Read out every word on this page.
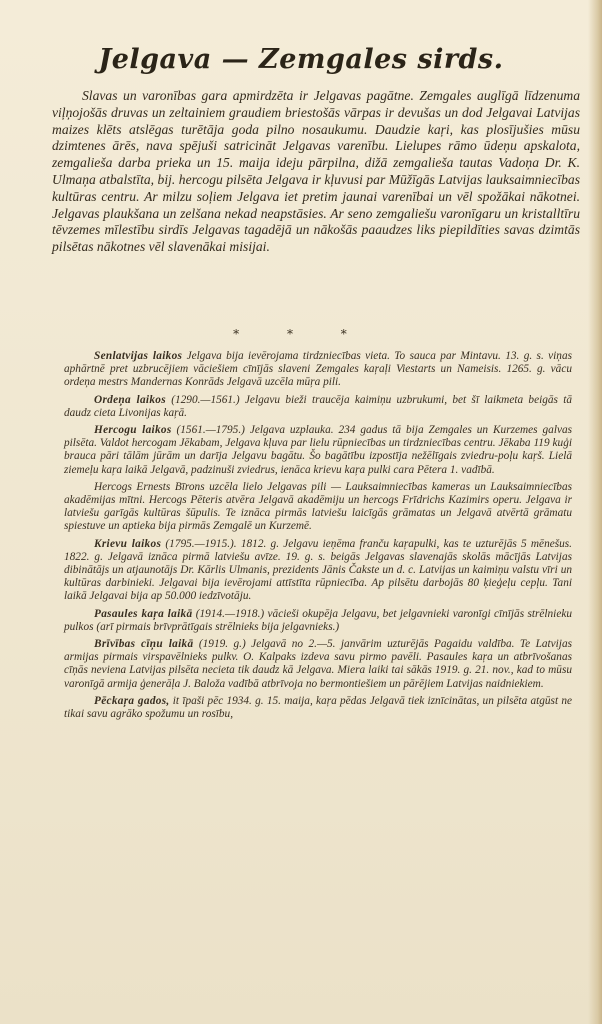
Jelgava — Zemgales sirds.

Slavas un varonības gara apmirdzēta ir Jelgavas pagātne. Zemgales auglīgā līdzenuma viļņojošās druvas un zeltainiem graudiem briestošās vārpas ir devušas un dod Jelgavai Latvijas maizes klēts atslēgas turētāja goda pilno nosaukumu. Daudzie kaŗi, kas plosījušies mūsu dzimtenes ārēs, nava spējuši satricināt Jelgavas varenību. Lielupes rāmo ūdeņu apskalota, zemgalieša darba priekа un 15. maija ideju pārpilna, dižā zemgalieša tautas Vadoņa Dr. K. Ulmaņa atbalstīta, bij. hercogu pilsēta Jelgava ir kļuvusi par Mūžīgās Latvijas lauksaimniecības kultūras centru. Ar milzu soļiem Jelgava iet pretim jaunai varenībai un vēl spožākai nākotnei. Jelgavas plaukšana un zelšana nekad neapstāsies. Ar seno zemgaliešu varonīgaru un kristalltīru tēvzemes mīlestību sirdīs Jelgavas tagadējā un nākošās paaudzes liks piepildīties savas dzimtās pilsētas nākotnes vēl slavenākai misijai.

* * *

Senlatvijas laikos Jelgava bija ievērojama tirdzniecības vieta. To sauca par Mintavu. 13. g. s. viņas aphārtnē pret uzbrucējiem vāciešiem cīnījās slaveni Zemgales kaŗaļi Viestarts un Nameisis. 1265. g. vācu ordeņa mestrs Mandernas Konrāds Jelgavā uzcēla mūŗa pili.

Ordeņa laikos (1290.—1561.) Jelgavu bieži traucēja kaimiņu uzbrukumi, bet šī laikmeta beigās tā daudz cieta Livonijas kaŗā.

Hercogu laikos (1561.—1795.) Jelgava uzplauka. 234 gadus tā bija Zemgales un Kurzemes galvas pilsēta. Valdot hercogam Jēkabam, Jelgava kļuva par lielu rūpniecības un tirdzniecības centru. Jēkaba 119 kuģi brauca pāri tālām jūrām un darīja Jelgavu bagātu. Šo bagātību izpostīja nežēlīgais zviedru-poļu kaŗš. Lielā ziemeļu kaŗa laikā Jelgavā, padzinuši zviedrus, ienāca krievu kaŗa pulki cara Pētera 1. vadībā.

Hercogs Ernests Bīrons uzcēla lielo Jelgavas pili — Lauksaimniecības kameras un Lauksaimniecības akadēmijas mītni. Hercogs Pēteris atvēra Jelgavā akadēmiju un hercogs Frīdrichs Kazimirs operu. Jelgava ir latviešu garīgās kultūras šūpulis. Te iznāca pirmās latviešu laicīgās grāmatas un Jelgavā atvērtā grāmatu spiestuve un aptieka bija pirmās Zemgalē un Kurzemē.

Krievu laikos (1795.—1915.). 1812. g. Jelgavu ieņēma franču kaŗapulki, kas te uzturējās 5 mēnešus. 1822. g. Jelgavā iznāca pirmā latviešu avīze. 19. g. s. beigās Jelgavas slavenajās skolās mācījās Latvijas dibinātājs un atjaunotājs Dr. Kārlis Ulmanis, prezidents Jānis Čakste un d. c. Latvijas un kaimiņu valstu vīri un kultūras darbinieki. Jelgavai bija ievērojami attīstīta rūpniecība. Ap pilsētu darbojās 80 ķieģeļu cepļu. Tani laikā Jelgavai bija ap 50.000 iedzīvotāju.

Pasaules kaŗa laikā (1914.—1918.) vācieši okupēja Jelgavu, bet jelgavnieki varonīgi cīnījās strēlnieku pulkos (arī pirmais brīvprātīgais strēlnieks bija jelgavnieks.)

Brīvības cīņu laikā (1919. g.) Jelgavā no 2.—5. janvārim uzturējās Pagaidu valdība. Te Latvijas armijas pirmais virspavēlnieks pulkv. O. Kalpaks izdeva savu pirmo pavēli. Pasaules kaŗa un atbrīvošanas cīņās neviena Latvijas pilsēta necieta tik daudz kā Jelgava. Miera laiki tai sākās 1919. g. 21. nov., kad to mūsu varonīgā armija ģenerāļa J. Baloža vadībā atbrīvoja no bermontiešiem un pārējiem Latvijas naidniekiem.

Pēckaŗa gados, it īpaši pēc 1934. g. 15. maija, kaŗa pēdas Jelgavā tiek iznīcinātas, un pilsēta atgūst ne tikai savu agrāko spožumu un rosību,
